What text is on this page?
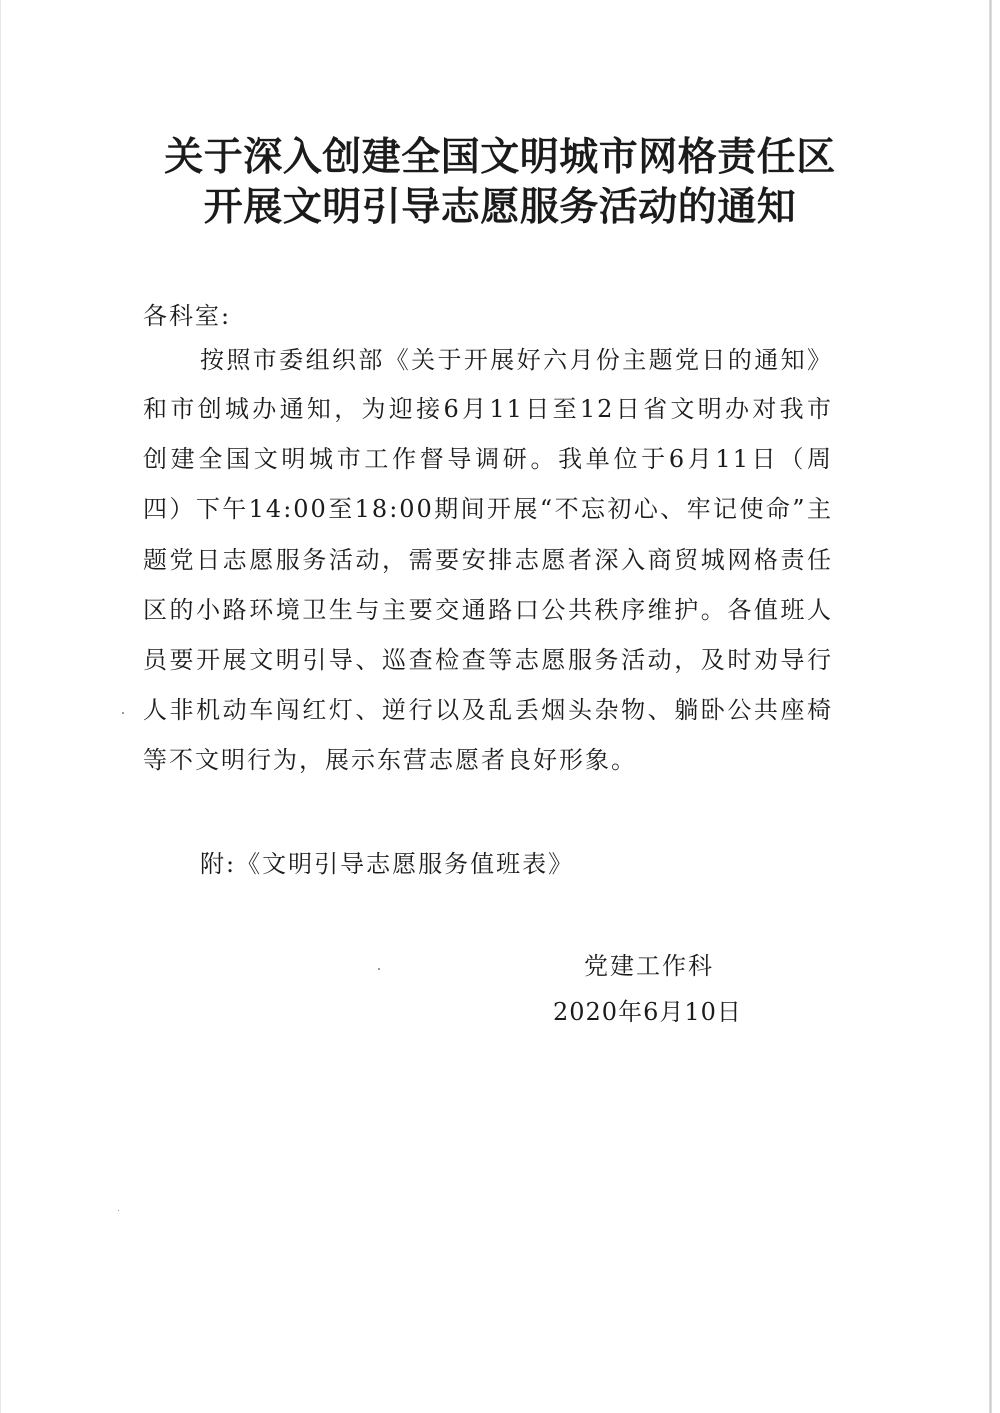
关于深入创建全国文明城市网格责任区
开展文明引导志愿服务活动的通知

各科室:

按照市委组织部《关于开展好六月份主题党日的通知》

和市创城办通知，为迎接6月11日至12日省文明办对我市

创建全国文明城市工作督导调研。我单位于6月11日（周

四）下午14:00至18:00期间开展“不忘初心、牢记使命”主

题党日志愿服务活动，需要安排志愿者深入商贸城网格责任

区的小路环境卫生与主要交通路口公共秩序维护。各值班人

员要开展文明引导、巡查检查等志愿服务活动，及时劝导行

人非机动车闯红灯、逆行以及乱丢烟头杂物、躺卧公共座椅

等不文明行为，展示东营志愿者良好形象。

附:《文明引导志愿服务值班表》

党建工作科

2020年6月10日
